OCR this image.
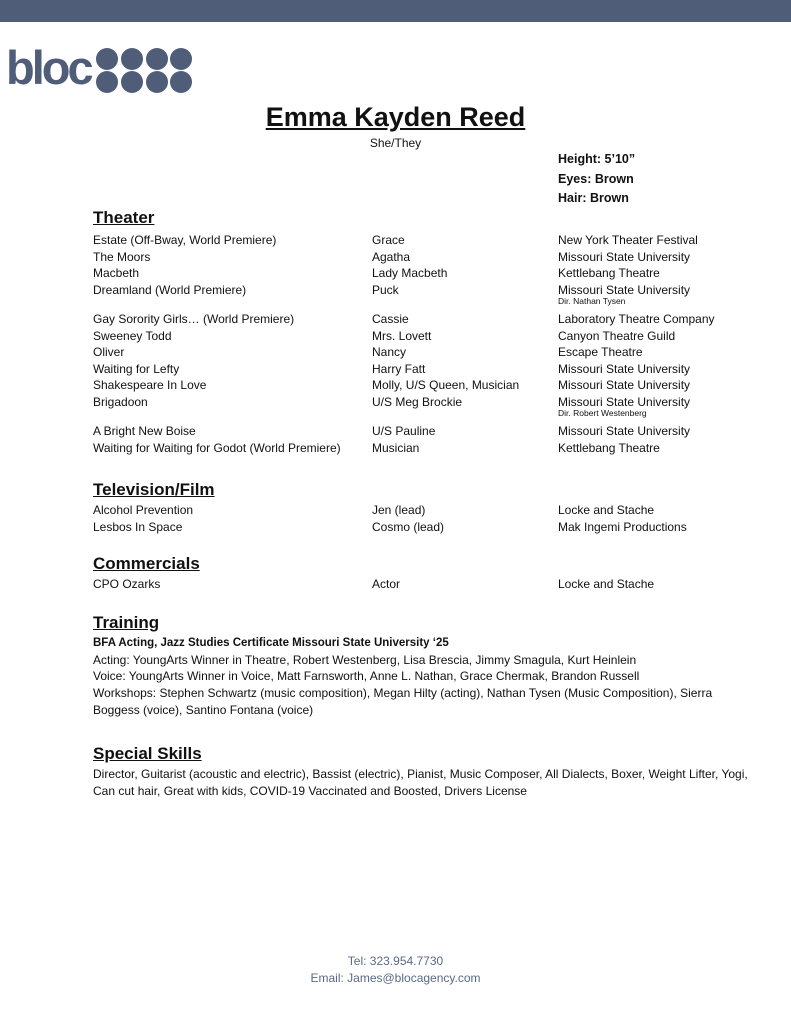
bloc
Emma Kayden Reed
She/They
Height: 5’10”
Eyes: Brown
Hair: Brown
Theater
Estate (Off-Bway, World Premiere)	Grace	New York Theater Festival
The Moors	Agatha	Missouri State University
Macbeth	Lady Macbeth	Kettlebang Theatre
Dreamland (World Premiere)	Puck	Missouri State University
Dir. Nathan Tysen
Gay Sorority Girls… (World Premiere)	Cassie	Laboratory Theatre Company
Sweeney Todd	Mrs. Lovett	Canyon Theatre Guild
Oliver	Nancy	Escape Theatre
Waiting for Lefty	Harry Fatt	Missouri State University
Shakespeare In Love	Molly, U/S Queen, Musician	Missouri State University
Brigadoon	U/S Meg Brockie	Missouri State University
Dir. Robert Westenberg
A Bright New Boise	U/S Pauline	Missouri State University
Waiting for Waiting for Godot (World Premiere)	Musician	Kettlebang Theatre
Television/Film
Alcohol Prevention	Jen (lead)	Locke and Stache
Lesbos In Space	Cosmo (lead)	Mak Ingemi Productions
Commercials
CPO Ozarks	Actor	Locke and Stache
Training
BFA Acting, Jazz Studies Certificate Missouri State University ‘25
Acting: YoungArts Winner in Theatre, Robert Westenberg, Lisa Brescia, Jimmy Smagula, Kurt Heinlein
Voice: YoungArts Winner in Voice, Matt Farnsworth, Anne L. Nathan, Grace Chermak, Brandon Russell
Workshops: Stephen Schwartz (music composition), Megan Hilty (acting), Nathan Tysen (Music Composition), Sierra Boggess (voice), Santino Fontana (voice)
Special Skills
Director, Guitarist (acoustic and electric), Bassist (electric), Pianist, Music Composer, All Dialects, Boxer, Weight Lifter, Yogi, Can cut hair, Great with kids, COVID-19 Vaccinated and Boosted, Drivers License
Tel: 323.954.7730
Email: James@blocagency.com
